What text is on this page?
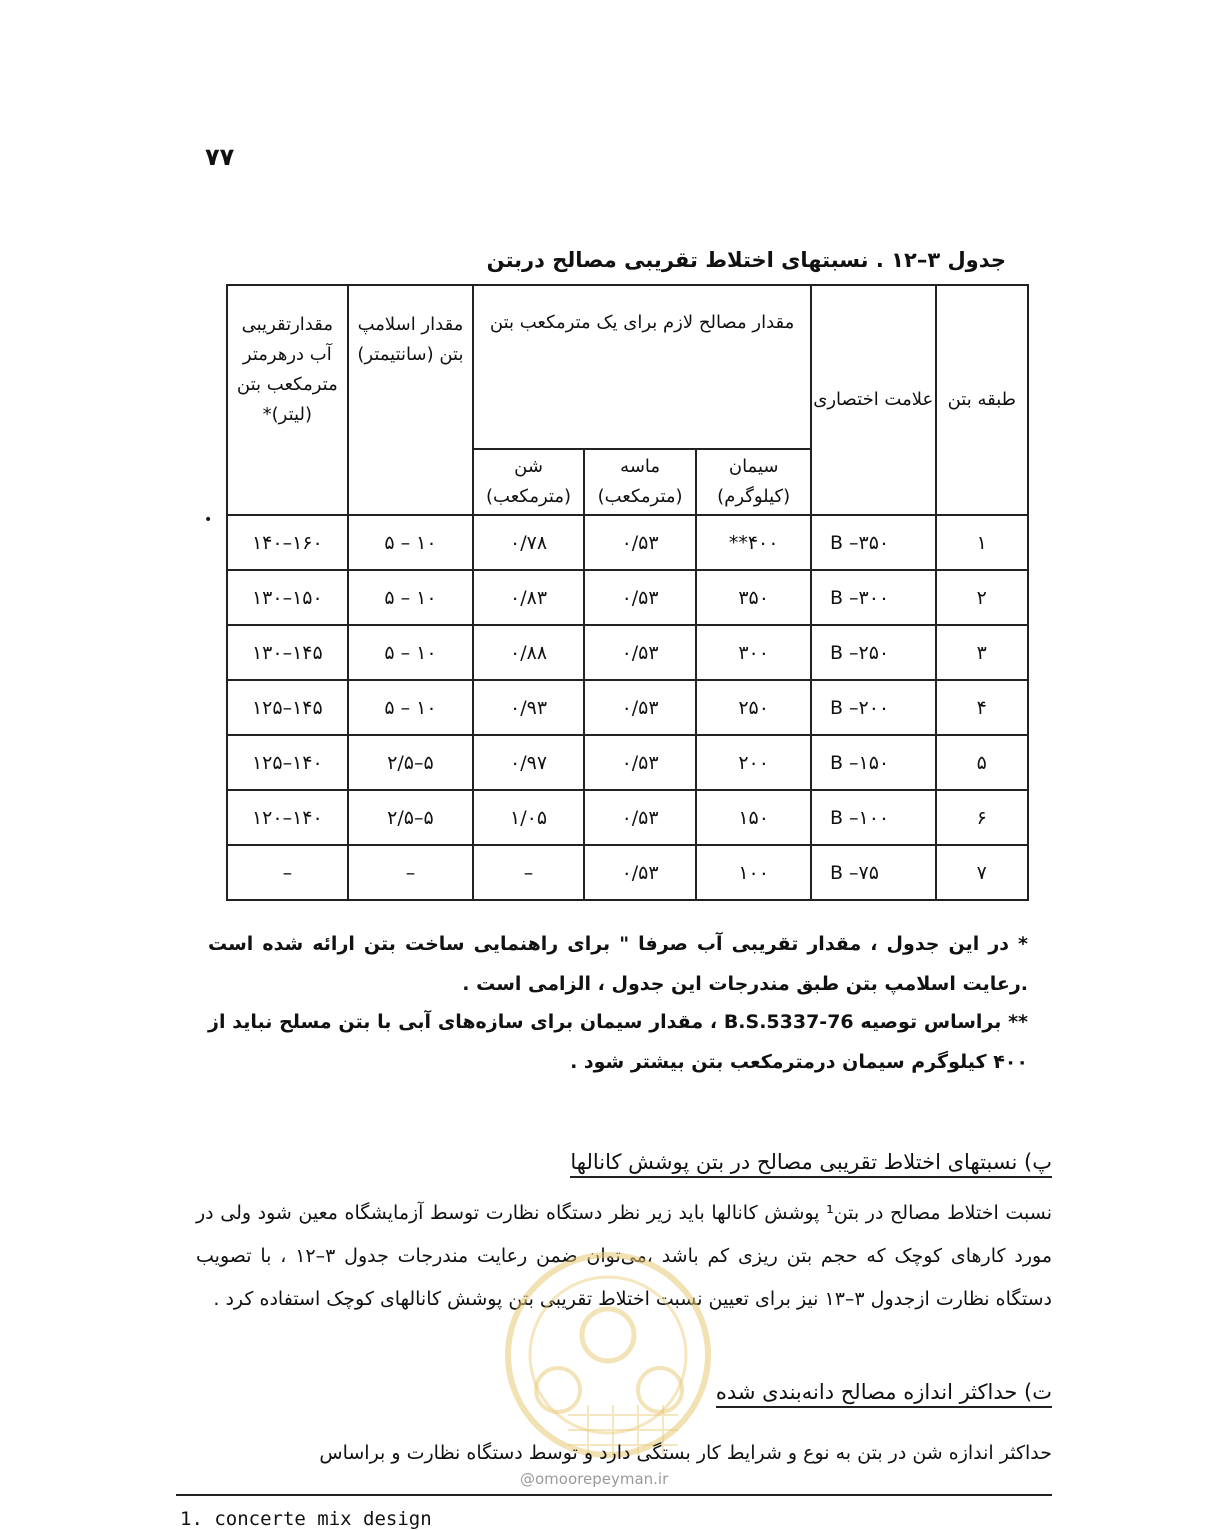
۷۷
جدول ۳–۱۲ . نسبتهای اختلاط تقریبی مصالح دربتن
•
طبقه بتن	علامت اختصاری	مقدار مصالح لازم برای یک مترمکعب بتن			مقدار اسلامپ بتن (سانتیمتر)	مقدارتقریبی آب درهرمتر مترمکعب بتن (لیتر)*
		سیمان (کیلوگرم)	ماسه (مترمکعب)	شن (مترمکعب)		
۱	B –۳۵۰	۴۰۰**	۰/۵۳	۰/۷۸	۱۰ – ۵	۱۶۰–۱۴۰
۲	B –۳۰۰	۳۵۰	۰/۵۳	۰/۸۳	۱۰ – ۵	۱۵۰–۱۳۰
۳	B –۲۵۰	۳۰۰	۰/۵۳	۰/۸۸	۱۰ – ۵	۱۴۵–۱۳۰
۴	B –۲۰۰	۲۵۰	۰/۵۳	۰/۹۳	۱۰ – ۵	۱۴۵–۱۲۵
۵	B –۱۵۰	۲۰۰	۰/۵۳	۰/۹۷	۵–۲/۵	۱۴۰–۱۲۵
۶	B –۱۰۰	۱۵۰	۰/۵۳	۱/۰۵	۵–۲/۵	۱۴۰–۱۲۰
۷	B –۷۵	۱۰۰	۰/۵۳	–	–	–
* در این جدول ، مقدار تقریبی آب صرفا " برای راهنمایی ساخت بتن ارائه شده است .رعایت اسلامپ بتن طبق مندرجات این جدول ، الزامی است .
** براساس توصیه B.S.5337-76 ، مقدار سیمان برای سازه‌های آبی با بتن مسلح نباید از ۴۰۰ کیلوگرم سیمان درمترمکعب بتن بیشتر شود .
پ) نسبتهای اختلاط تقریبی مصالح در بتن پوشش کانالها
نسبت اختلاط مصالح در بتن¹ پوشش کانالها باید زیر نظر دستگاه نظارت توسط آزمایشگاه معین شود ولی در مورد کارهای کوچک که حجم بتن ریزی کم باشد ،می‌توان ضمن رعایت مندرجات جدول ۳–۱۲ ، با تصویب دستگاه نظارت ازجدول ۳–۱۳ نیز برای تعیین نسبت اختلاط تقریبی بتن پوشش کانالهای کوچک استفاده کرد .
@omoorepeyman.ir
ت) حداکثر اندازه مصالح دانه‌بندی شده
حداکثر اندازه شن در بتن به نوع و شرایط کار بستگی دارد و توسط دستگاه نظارت و براساس
1. concerte mix design
